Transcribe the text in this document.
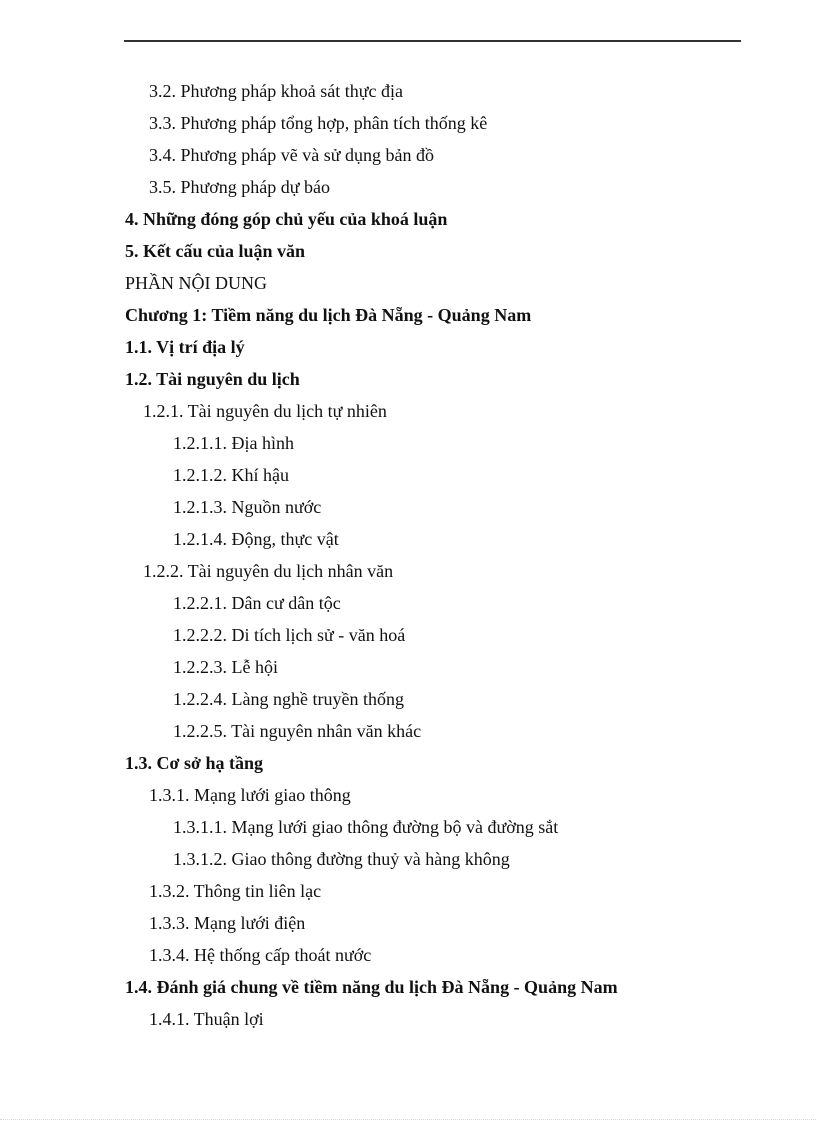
3.2. Phương pháp khoả sát thực địa
3.3. Phương pháp tổng hợp, phân tích thống kê
3.4. Phương pháp vẽ và sử dụng bản đồ
3.5. Phương pháp dự báo
4. Những đóng góp chủ yếu của khoá luận
5. Kết cấu của luận văn
PHẦN NỘI DUNG
Chương 1: Tiềm năng du lịch Đà Nẵng - Quảng Nam
1.1. Vị trí địa lý
1.2. Tài nguyên du lịch
1.2.1. Tài nguyên du lịch tự nhiên
1.2.1.1. Địa hình
1.2.1.2. Khí hậu
1.2.1.3. Nguồn nước
1.2.1.4. Động, thực vật
1.2.2. Tài nguyên du lịch nhân văn
1.2.2.1. Dân cư dân tộc
1.2.2.2. Di tích lịch sử - văn hoá
1.2.2.3. Lễ hội
1.2.2.4. Làng nghề truyền thống
1.2.2.5. Tài nguyên nhân văn khác
1.3. Cơ sở hạ tầng
1.3.1. Mạng lưới giao thông
1.3.1.1. Mạng lưới giao thông đường bộ và đường sắt
1.3.1.2. Giao thông đường thuỷ và hàng không
1.3.2. Thông tin liên lạc
1.3.3. Mạng lưới điện
1.3.4. Hệ thống cấp thoát nước
1.4. Đánh giá chung về tiềm năng du lịch Đà Nẵng - Quảng Nam
1.4.1. Thuận lợi
